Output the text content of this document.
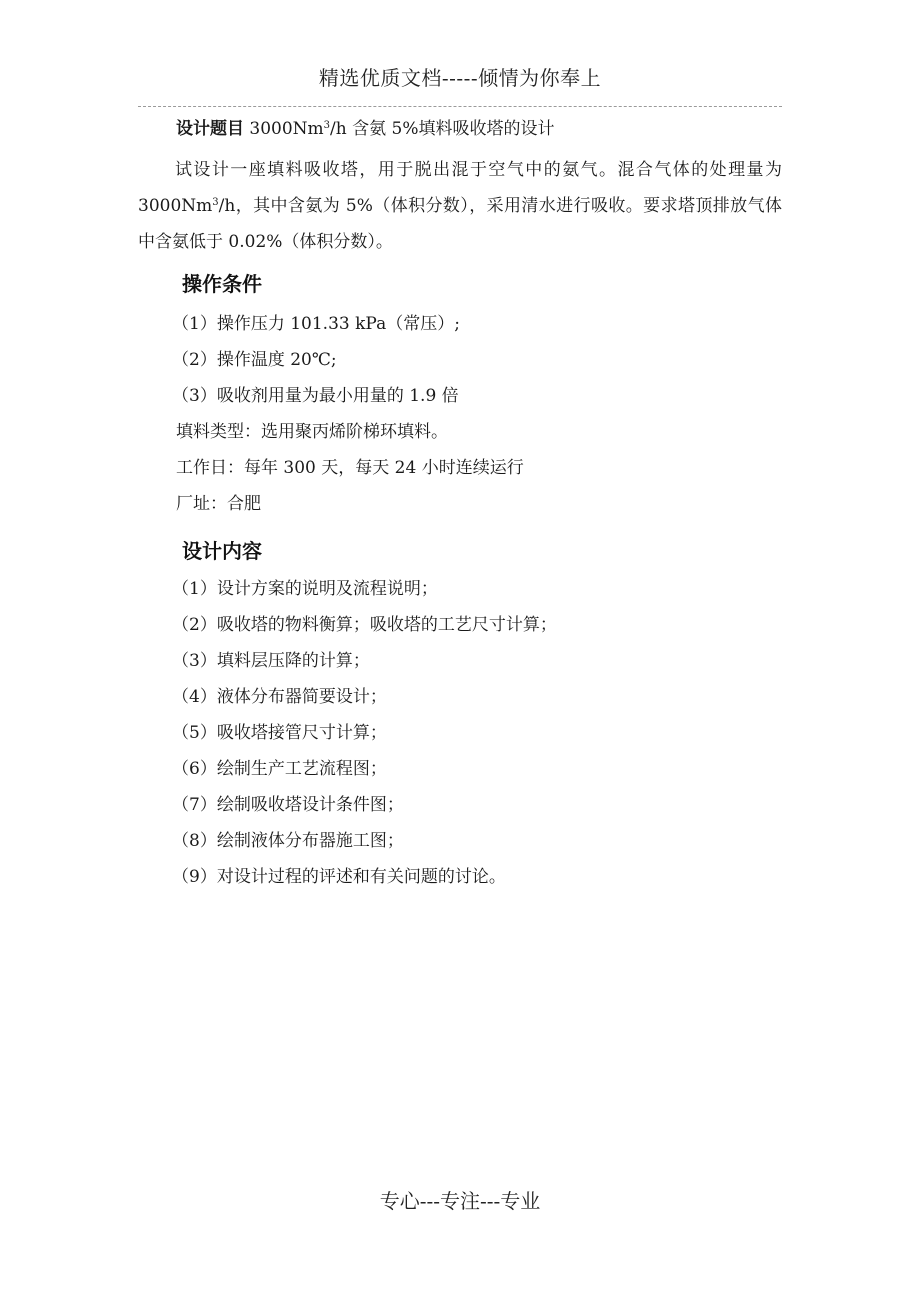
精选优质文档-----倾情为你奉上
设计题目 3000Nm$^3$/h 含氨 5%填料吸收塔的设计
试设计一座填料吸收塔，用于脱出混于空气中的氨气。混合气体的处理量为3000Nm$^3$/h，其中含氨为 5%（体积分数），采用清水进行吸收。要求塔顶排放气体中含氨低于 0.02%（体积分数）。
操作条件
（1）操作压力 101.33 kPa（常压）;
（2）操作温度 20℃;
（3）吸收剂用量为最小用量的 1.9 倍
填料类型：选用聚丙烯阶梯环填料。
工作日：每年 300 天，每天 24 小时连续运行
厂址：合肥
设计内容
（1）设计方案的说明及流程说明；
（2）吸收塔的物料衡算；吸收塔的工艺尺寸计算；
（3）填料层压降的计算；
（4）液体分布器简要设计；
（5）吸收塔接管尺寸计算；
（6）绘制生产工艺流程图；
（7）绘制吸收塔设计条件图；
（8）绘制液体分布器施工图；
（9）对设计过程的评述和有关问题的讨论。
专心---专注---专业
